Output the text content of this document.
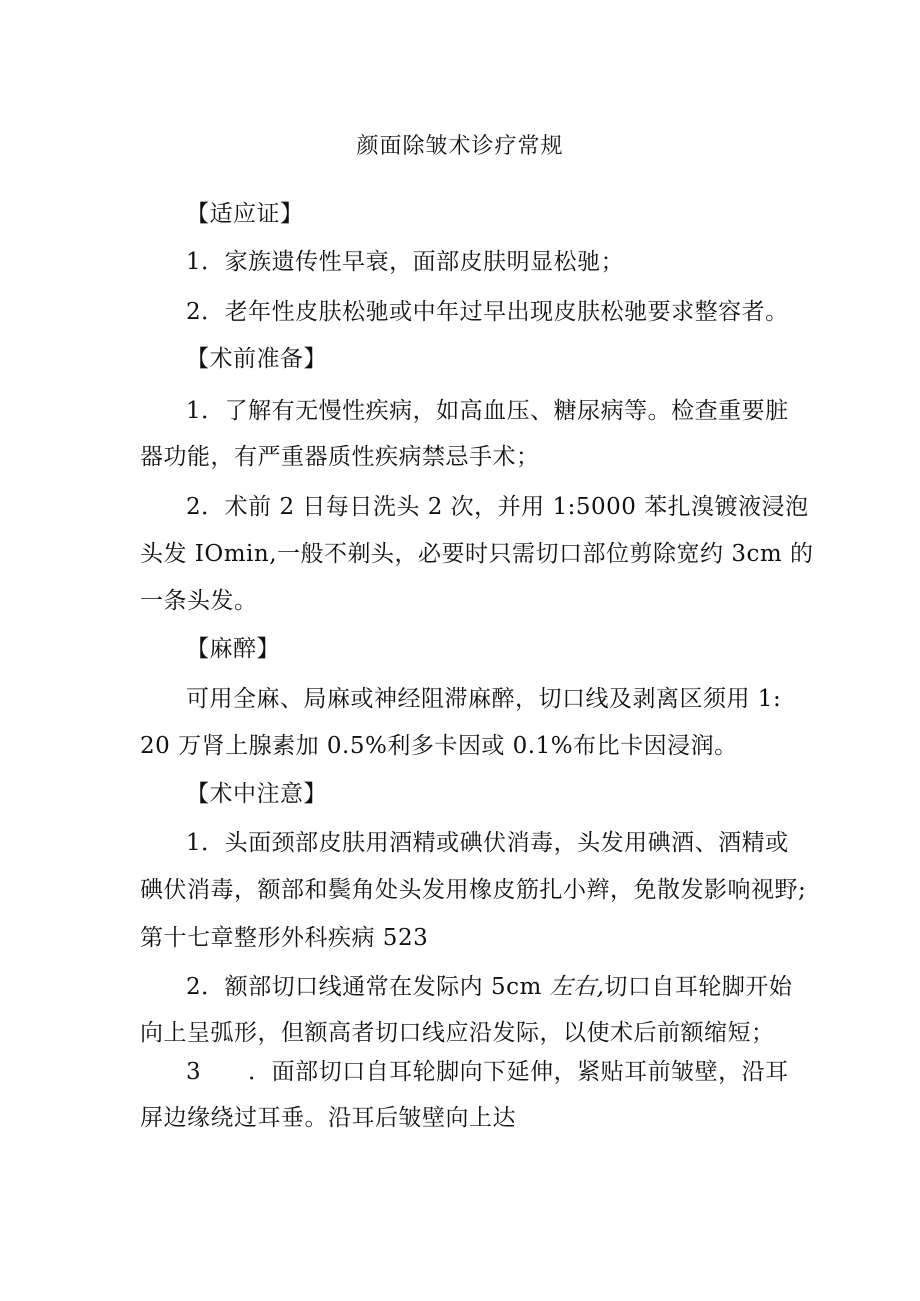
颜面除皱术诊疗常规
【适应证】
1．家族遗传性早衰，面部皮肤明显松驰；
2．老年性皮肤松驰或中年过早出现皮肤松驰要求整容者。
【术前准备】
1．了解有无慢性疾病，如高血压、糖尿病等。检查重要脏
器功能，有严重器质性疾病禁忌手术；
2．术前 2 日每日洗头 2 次，并用 1:5000 苯扎溴镀液浸泡
头发 IOmin,一般不剃头，必要时只需切口部位剪除宽约 3cm 的
一条头发。
【麻醉】
可用全麻、局麻或神经阻滞麻醉，切口线及剥离区须用 1:
20 万肾上腺素加 0.5%利多卡因或 0.1%布比卡因浸润。
【术中注意】
1．头面颈部皮肤用酒精或碘伏消毒，头发用碘酒、酒精或
碘伏消毒，额部和鬓角处头发用橡皮筋扎小辫，免散发影响视野;
第十七章整形外科疾病 523
2．额部切口线通常在发际内 5cm 左右,切口自耳轮脚开始
向上呈弧形，但额高者切口线应沿发际，以使术后前额缩短；
3　　．面部切口自耳轮脚向下延伸，紧贴耳前皱壁，沿耳
屏边缘绕过耳垂。沿耳后皱壁向上达
